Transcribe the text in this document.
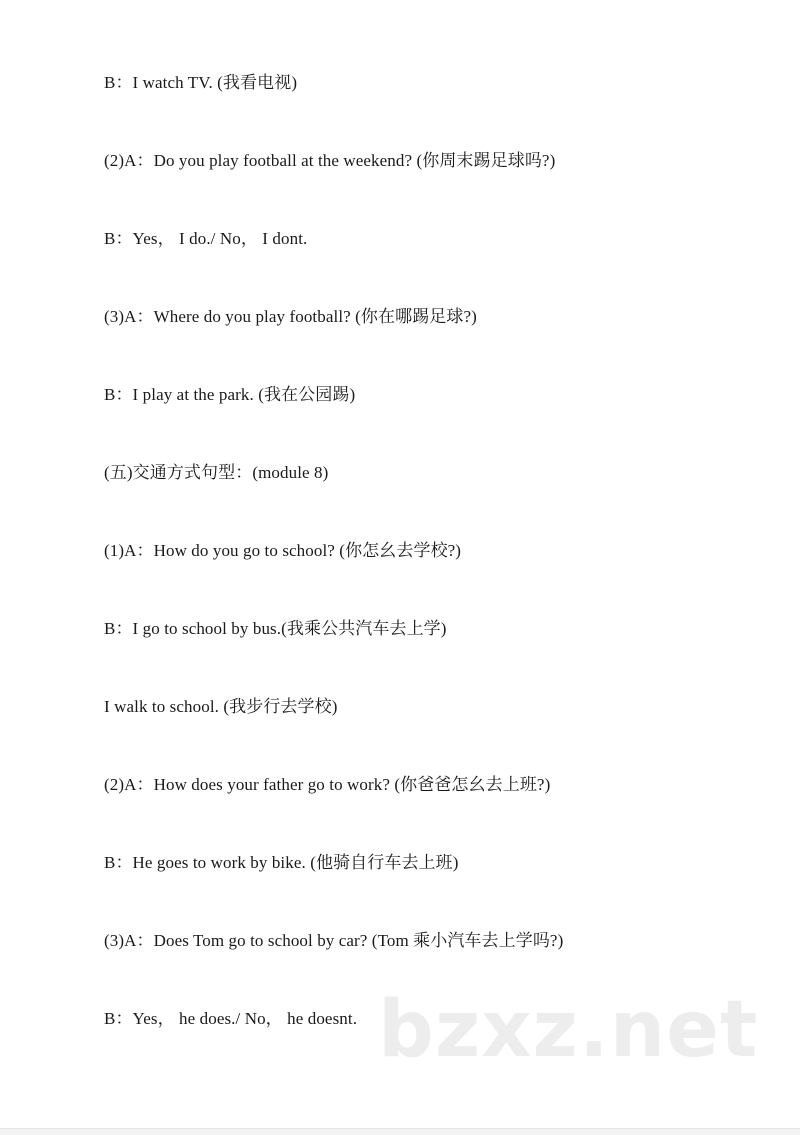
B：I watch TV. (我看电视)
(2)A：Do you play football at the weekend? (你周末踢足球吗?)
B：Yes， I do./ No， I dont.
(3)A：Where do you play football? (你在哪踢足球?)
B：I play at the park. (我在公园踢)
(五)交通方式句型：(module 8)
(1)A：How do you go to school? (你怎幺去学校?)
B：I go to school by bus.(我乘公共汽车去上学)
I walk to school. (我步行去学校)
(2)A：How does your father go to work? (你爸爸怎幺去上班?)
B：He goes to work by bike. (他骑自行车去上班)
(3)A：Does Tom go to school by car? (Tom 乘小汽车去上学吗?)
B：Yes， he does./ No， he doesnt. bzxz.net
